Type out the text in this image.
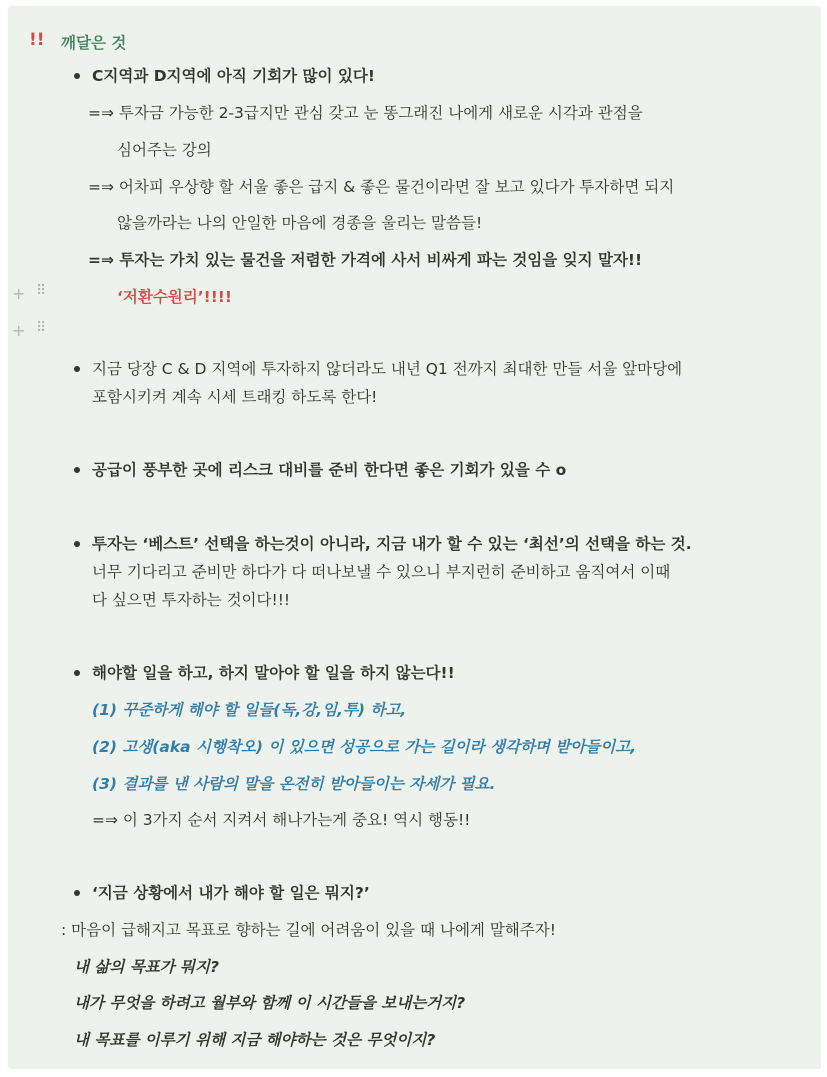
!! 깨달은 것
C지역과 D지역에 아직 기회가 많이 있다!
=⇒ 투자금 가능한 2-3급지만 관심 갖고 눈 똥그래진 나에게 새로운 시각과 관점을
심어주는 강의
=⇒ 어차피 우상향 할 서울 좋은 급지 & 좋은 물건이라면 잘 보고 있다가 투자하면 되지
않을까라는 나의 안일한 마음에 경종을 울리는 말씀들!
=⇒ 투자는 가치 있는 물건을 저렴한 가격에 사서 비싸게 파는 것임을 잊지 말자!!
‘저환수원리’!!!!
+ ⠿
+ ⠿
지금 당장 C & D 지역에 투자하지 않더라도 내년 Q1 전까지 최대한 만들 서울 앞마당에
포함시키켜 계속 시세 트래킹 하도록 한다!
공급이 풍부한 곳에 리스크 대비를 준비 한다면 좋은 기회가 있을 수 o
투자는 ‘베스트’ 선택을 하는것이 아니라, 지금 내가 할 수 있는 ‘최선’의 선택을 하는 것.
너무 기다리고 준비만 하다가 다 떠나보낼 수 있으니 부지런히 준비하고 움직여서 이때
다 싶으면 투자하는 것이다!!!
해야할 일을 하고, 하지 말아야 할 일을 하지 않는다!!
(1) 꾸준하게 해야 할 일들(독,강,임,투) 하고,
(2) 고생(aka 시행착오) 이 있으면 성공으로 가는 길이라 생각하며 받아들이고,
(3) 결과를 낸 사람의 말을 온전히 받아들이는 자세가 필요.
=⇒ 이 3가지 순서 지켜서 해나가는게 중요! 역시 행동!!
‘지금 상황에서 내가 해야 할 일은 뭐지?’
: 마음이 급해지고 목표로 향하는 길에 어려움이 있을 때 나에게 말해주자!
내 삶의 목표가 뭐지?
내가 무엇을 하려고 월부와 함께 이 시간들을 보내는거지?
내 목표를 이루기 위해 지금 해야하는 것은 무엇이지?
